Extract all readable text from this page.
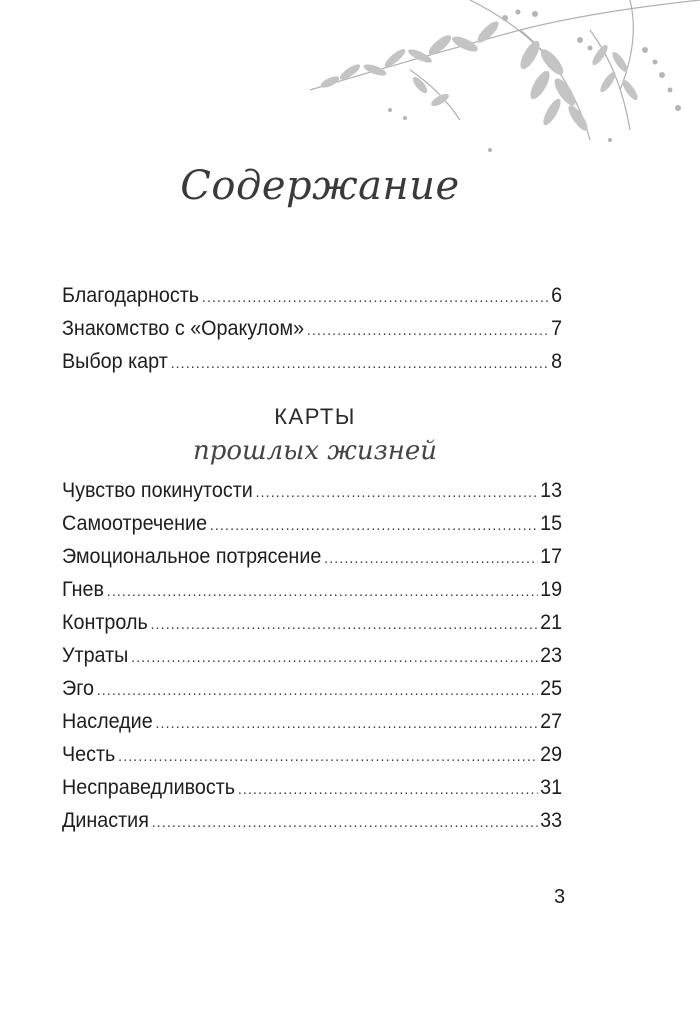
Содержание
Благодарность .....	6
Знакомство с «Оракулом» .....	7
Выбор карт .....	8
КАРТЫ
прошлых жизней
Чувство покинутости .....	13
Самоотречение .....	15
Эмоциональное потрясение .....	17
Гнев .....	19
Контроль .....	21
Утраты .....	23
Эго .....	25
Наследие .....	27
Честь .....	29
Несправедливость .....	31
Династия .....	33
3
